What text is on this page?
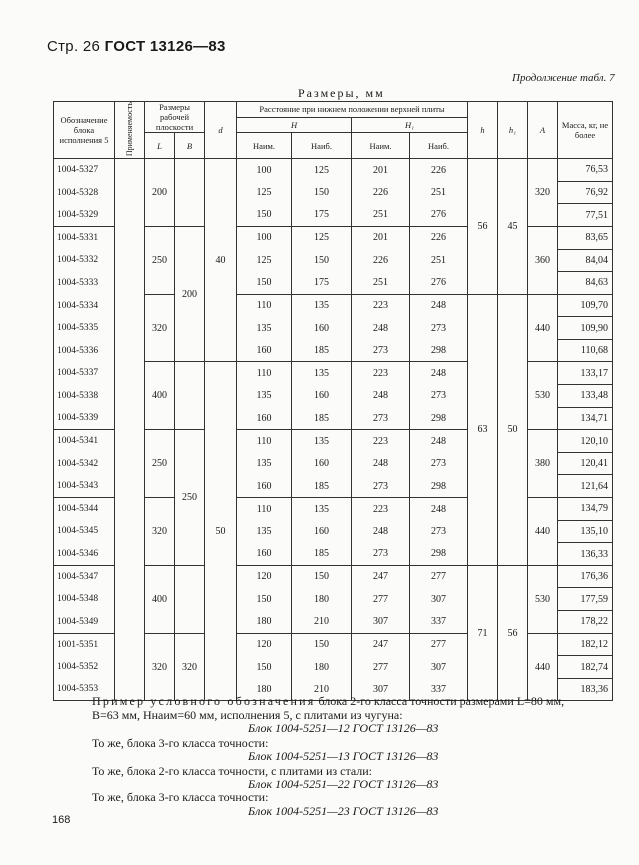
Стр. 26 ГОСТ 13126—83
Продолжение табл. 7
Размеры, мм
Обозначение блока исполнения 5	Применяемость	Размеры рабочей плоскости		d	Расстояние при нижнем положении верхней плиты				h	h₁	A	Масса, кг, не более
					H		H₁					
		L	B		Наим.	Наиб.	Наим.	Наиб.				
1004-5327		200		40	100	125	201	226	56	45	320	76,53
1004-5328					125	150	226	251				76,92
1004-5329					150	175	251	276				77,51
1004-5331		250	200		100	125	201	226			360	83,65
1004-5332					125	150	226	251				84,04
1004-5333					150	175	251	276				84,63
1004-5334		320			110	135	223	248	63	50	440	109,70
1004-5335					135	160	248	273				109,90
1004-5336					160	185	273	298				110,68
1004-5337		400		50	110	135	223	248			530	133,17
1004-5338					135	160	248	273				133,48
1004-5339					160	185	273	298				134,71
1004-5341		250	250		110	135	223	248			380	120,10
1004-5342					135	160	248	273				120,41
1004-5343					160	185	273	298				121,64
1004-5344		320			110	135	223	248			440	134,79
1004-5345					135	160	248	273				135,10
1004-5346					160	185	273	298				136,33
1004-5347		400			120	150	247	277	71	56	530	176,36
1004-5348					150	180	277	307				177,59
1004-5349					180	210	307	337				178,22
1001-5351		320	320		120	150	247	277			440	182,12
1004-5352					150	180	277	307				182,74
1004-5353					180	210	307	337				183,36
Пример условного обозначения блока 2-го класса точности размерами L=80 мм,
B=63 мм, Hнаим=60 мм, исполнения 5, с плитами из чугуна:
Блок 1004-5251—12 ГОСТ 13126—83
То же, блока 3-го класса точности:
Блок 1004-5251—13 ГОСТ 13126—83
То же, блока 2-го класса точности, с плитами из стали:
Блок 1004-5251—22 ГОСТ 13126—83
То же, блока 3-го класса точности:
Блок 1004-5251—23 ГОСТ 13126—83
168
